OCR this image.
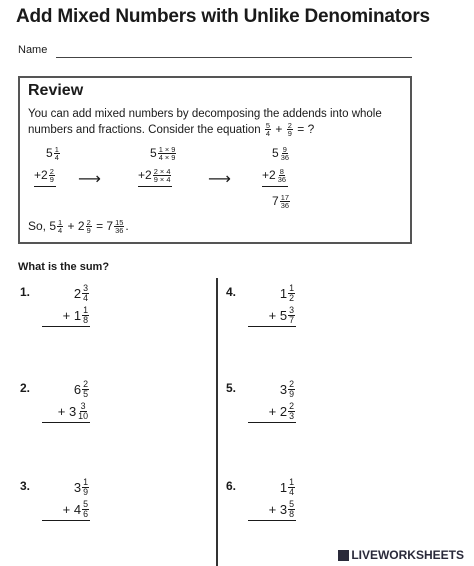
Add Mixed Numbers with Unlike Denominators
Name
Review
You can add mixed numbers by decomposing the addends into whole numbers and fractions. Consider the equation $\frac{5}{4} + \frac{2}{9}$ = ?
$5 \frac{1}{4}$
$+2 \frac{2}{9}$ ⟶
$5 \frac{1 \times 9}{4 \times 9}$
$+2 \frac{2 \times 4}{9 \times 4}$ ⟶
$5 \frac{9}{36}$
$+2 \frac{8}{36}$
$7 \frac{17}{36}$
So, $5 \frac{1}{4} + 2 \frac{2}{9} = 7 \frac{15}{36}$ .
What is the sum?
1.	$2 \frac{3}{4}$
+
$1 \frac{1}{8}$
4.	$1 \frac{1}{2}$
+
$5 \frac{3}{7}$
2.	$6 \frac{2}{5}$
+
$3 \frac{3}{10}$
5.	$3 \frac{2}{9}$
+
$2 \frac{2}{3}$
3.	$3 \frac{1}{9}$
+
$4 \frac{5}{6}$
6.	$1 \frac{1}{4}$
+
$3 \frac{5}{8}$
LIVEWORKSHEETS
